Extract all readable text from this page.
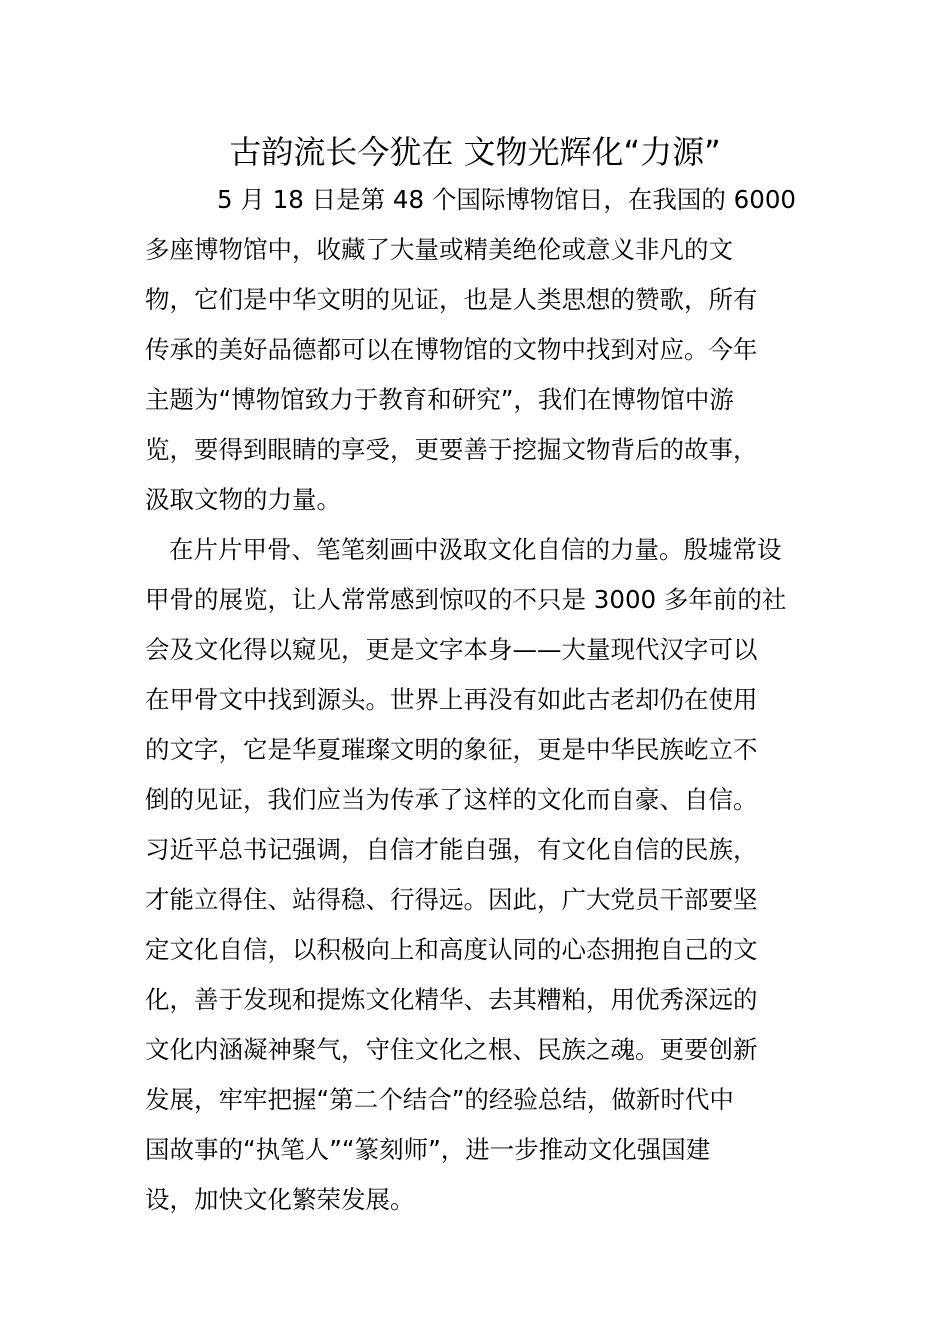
古韵流长今犹在 文物光辉化“力源”
5 月 18 日是第 48 个国际博物馆日，在我国的 6000
多座博物馆中，收藏了大量或精美绝伦或意义非凡的文
物，它们是中华文明的见证，也是人类思想的赞歌，所有
传承的美好品德都可以在博物馆的文物中找到对应。今年
主题为“博物馆致力于教育和研究”，我们在博物馆中游
览，要得到眼睛的享受，更要善于挖掘文物背后的故事，
汲取文物的力量。
在片片甲骨、笔笔刻画中汲取文化自信的力量。殷墟常设
甲骨的展览，让人常常感到惊叹的不只是 3000 多年前的社
会及文化得以窥见，更是文字本身——大量现代汉字可以
在甲骨文中找到源头。世界上再没有如此古老却仍在使用
的文字，它是华夏璀璨文明的象征，更是中华民族屹立不
倒的见证，我们应当为传承了这样的文化而自豪、自信。
习近平总书记强调，自信才能自强，有文化自信的民族，
才能立得住、站得稳、行得远。因此，广大党员干部要坚
定文化自信，以积极向上和高度认同的心态拥抱自己的文
化，善于发现和提炼文化精华、去其糟粕，用优秀深远的
文化内涵凝神聚气，守住文化之根、民族之魂。更要创新
发展，牢牢把握“第二个结合”的经验总结，做新时代中
国故事的“执笔人”“篆刻师”，进一步推动文化强国建
设，加快文化繁荣发展。
